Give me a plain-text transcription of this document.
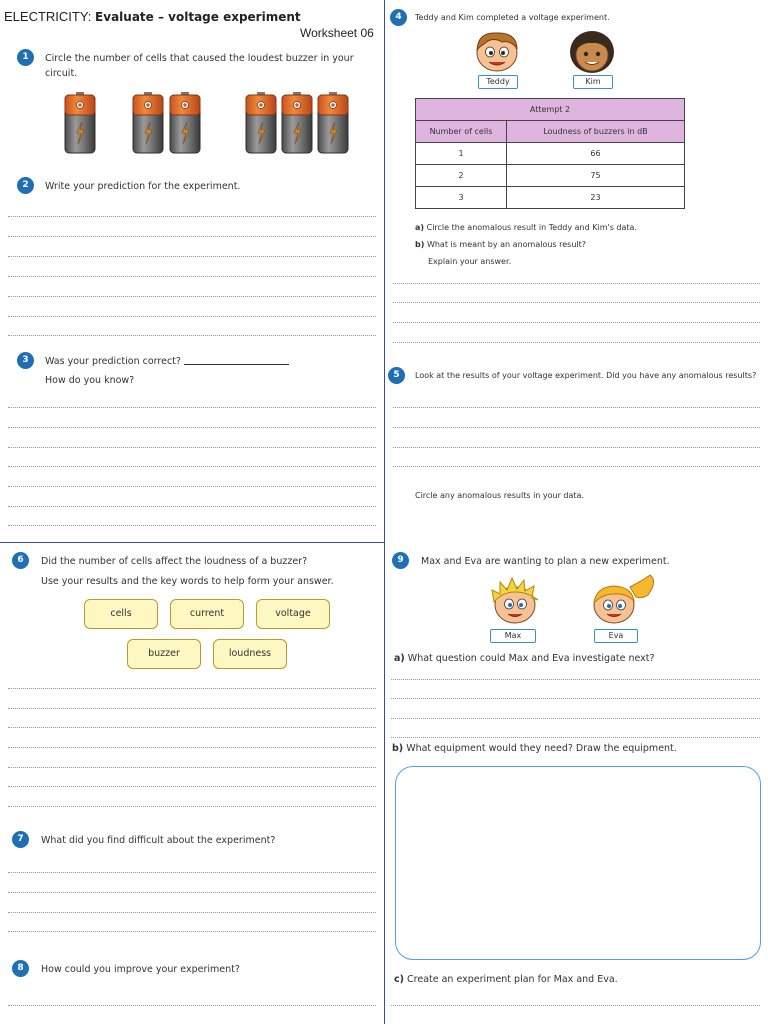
ELECTRICITY: Evaluate – voltage experiment
Worksheet 06
1	Circle the number of cells that caused the loudest buzzer in your circuit.
2	Write your prediction for the experiment.
3	Was your prediction correct?
How do you know?
4	Teddy and Kim completed a voltage experiment.
Teddy	Kim
Attempt 2	
Number of cells	Loudness of buzzers in dB
1	66
2	75
3	23
a) Circle the anomalous result in Teddy and Kim's data.
b) What is meant by an anomalous result?
Explain your answer.
5	Look at the results of your voltage experiment. Did you have any anomalous results?
Circle any anomalous results in your data.
6	Did the number of cells affect the loudness of a buzzer?
Use your results and the key words to help form your answer.
cells	current	voltage
buzzer	loudness
7	What did you find difficult about the experiment?
8	How could you improve your experiment?
9	Max and Eva are wanting to plan a new experiment.
Max	Eva
a) What question could Max and Eva investigate next?
b) What equipment would they need? Draw the equipment.
c) Create an experiment plan for Max and Eva.
